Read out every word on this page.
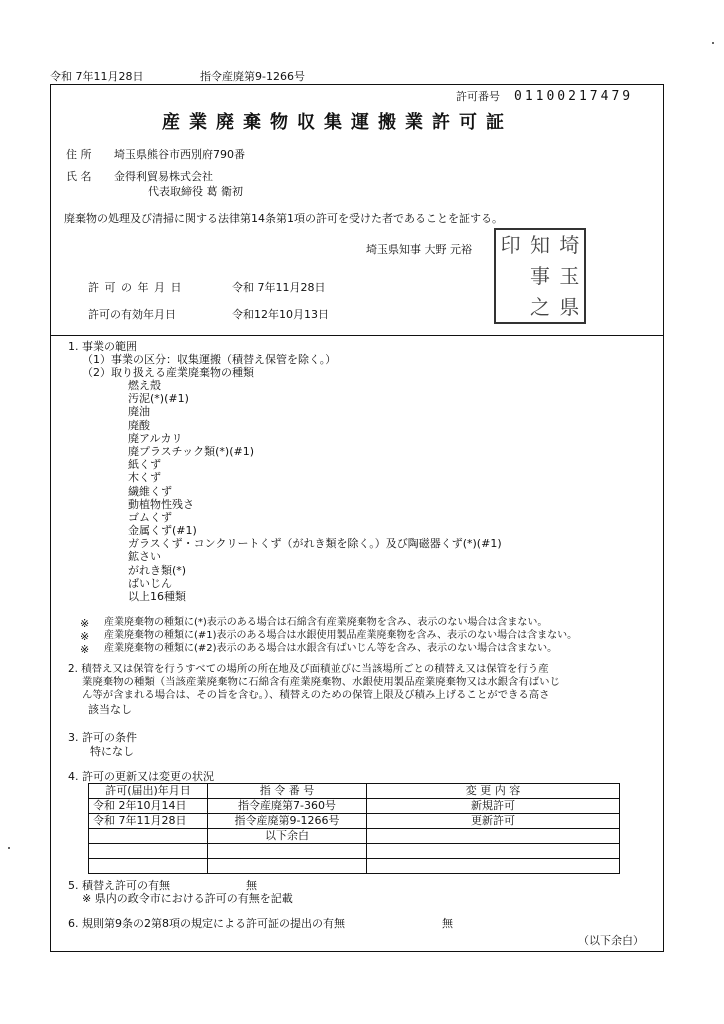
令和 7年11月28日	指令産廃第9-1266号
許可番号 01100217479
産業廃棄物収集運搬業許可証
住 所 埼玉県熊谷市西別府790番
氏 名 金得利貿易株式会社
代表取締役 葛 衛初
廃棄物の処理及び清掃に関する法律第14条第1項の許可を受けた者であることを証する。
埼玉県知事 大野 元裕	埼
玉
県
知
事
之
印
許 可 の 年 月 日	令和 7年11月28日
許可の有効年月日	令和12年10月13日
1. 事業の範囲
（1）事業の区分：収集運搬（積替え保管を除く。）
（2）取り扱える産業廃棄物の種類
燃え殻
汚泥(*)(#1)
廃油
廃酸
廃アルカリ
廃プラスチック類(*)(#1)
紙くず
木くず
繊維くず
動植物性残さ
ゴムくず
金属くず(#1)
ガラスくず・コンクリートくず（がれき類を除く。）及び陶磁器くず(*)(#1)
鉱さい
がれき類(*)
ばいじん
以上16種類
※ 産業廃棄物の種類に(*)表示のある場合は石綿含有産業廃棄物を含み、表示のない場合は含まない。
※ 産業廃棄物の種類に(#1)表示のある場合は水銀使用製品産業廃棄物を含み、表示のない場合は含まない。
※ 産業廃棄物の種類に(#2)表示のある場合は水銀含有ばいじん等を含み、表示のない場合は含まない。
2. 積替え又は保管を行うすべての場所の所在地及び面積並びに当該場所ごとの積替え又は保管を行う産
業廃棄物の種類（当該産業廃棄物に石綿含有産業廃棄物、水銀使用製品産業廃棄物又は水銀含有ばいじ
ん等が含まれる場合は、その旨を含む。）、積替えのための保管上限及び積み上げることができる高さ
該当なし
3. 許可の条件
特になし
4. 許可の更新又は変更の状況
許可(届出)年月日	指 令 番 号	変 更 内 容
令和 2年10月14日	指令産廃第7-360号	新規許可
令和 7年11月28日	指令産廃第9-1266号	更新許可
	以下余白	

5. 積替え許可の有無	無
※ 県内の政令市における許可の有無を記載
6. 規則第9条の2第8項の規定による許可証の提出の有無	無
（以下余白）
